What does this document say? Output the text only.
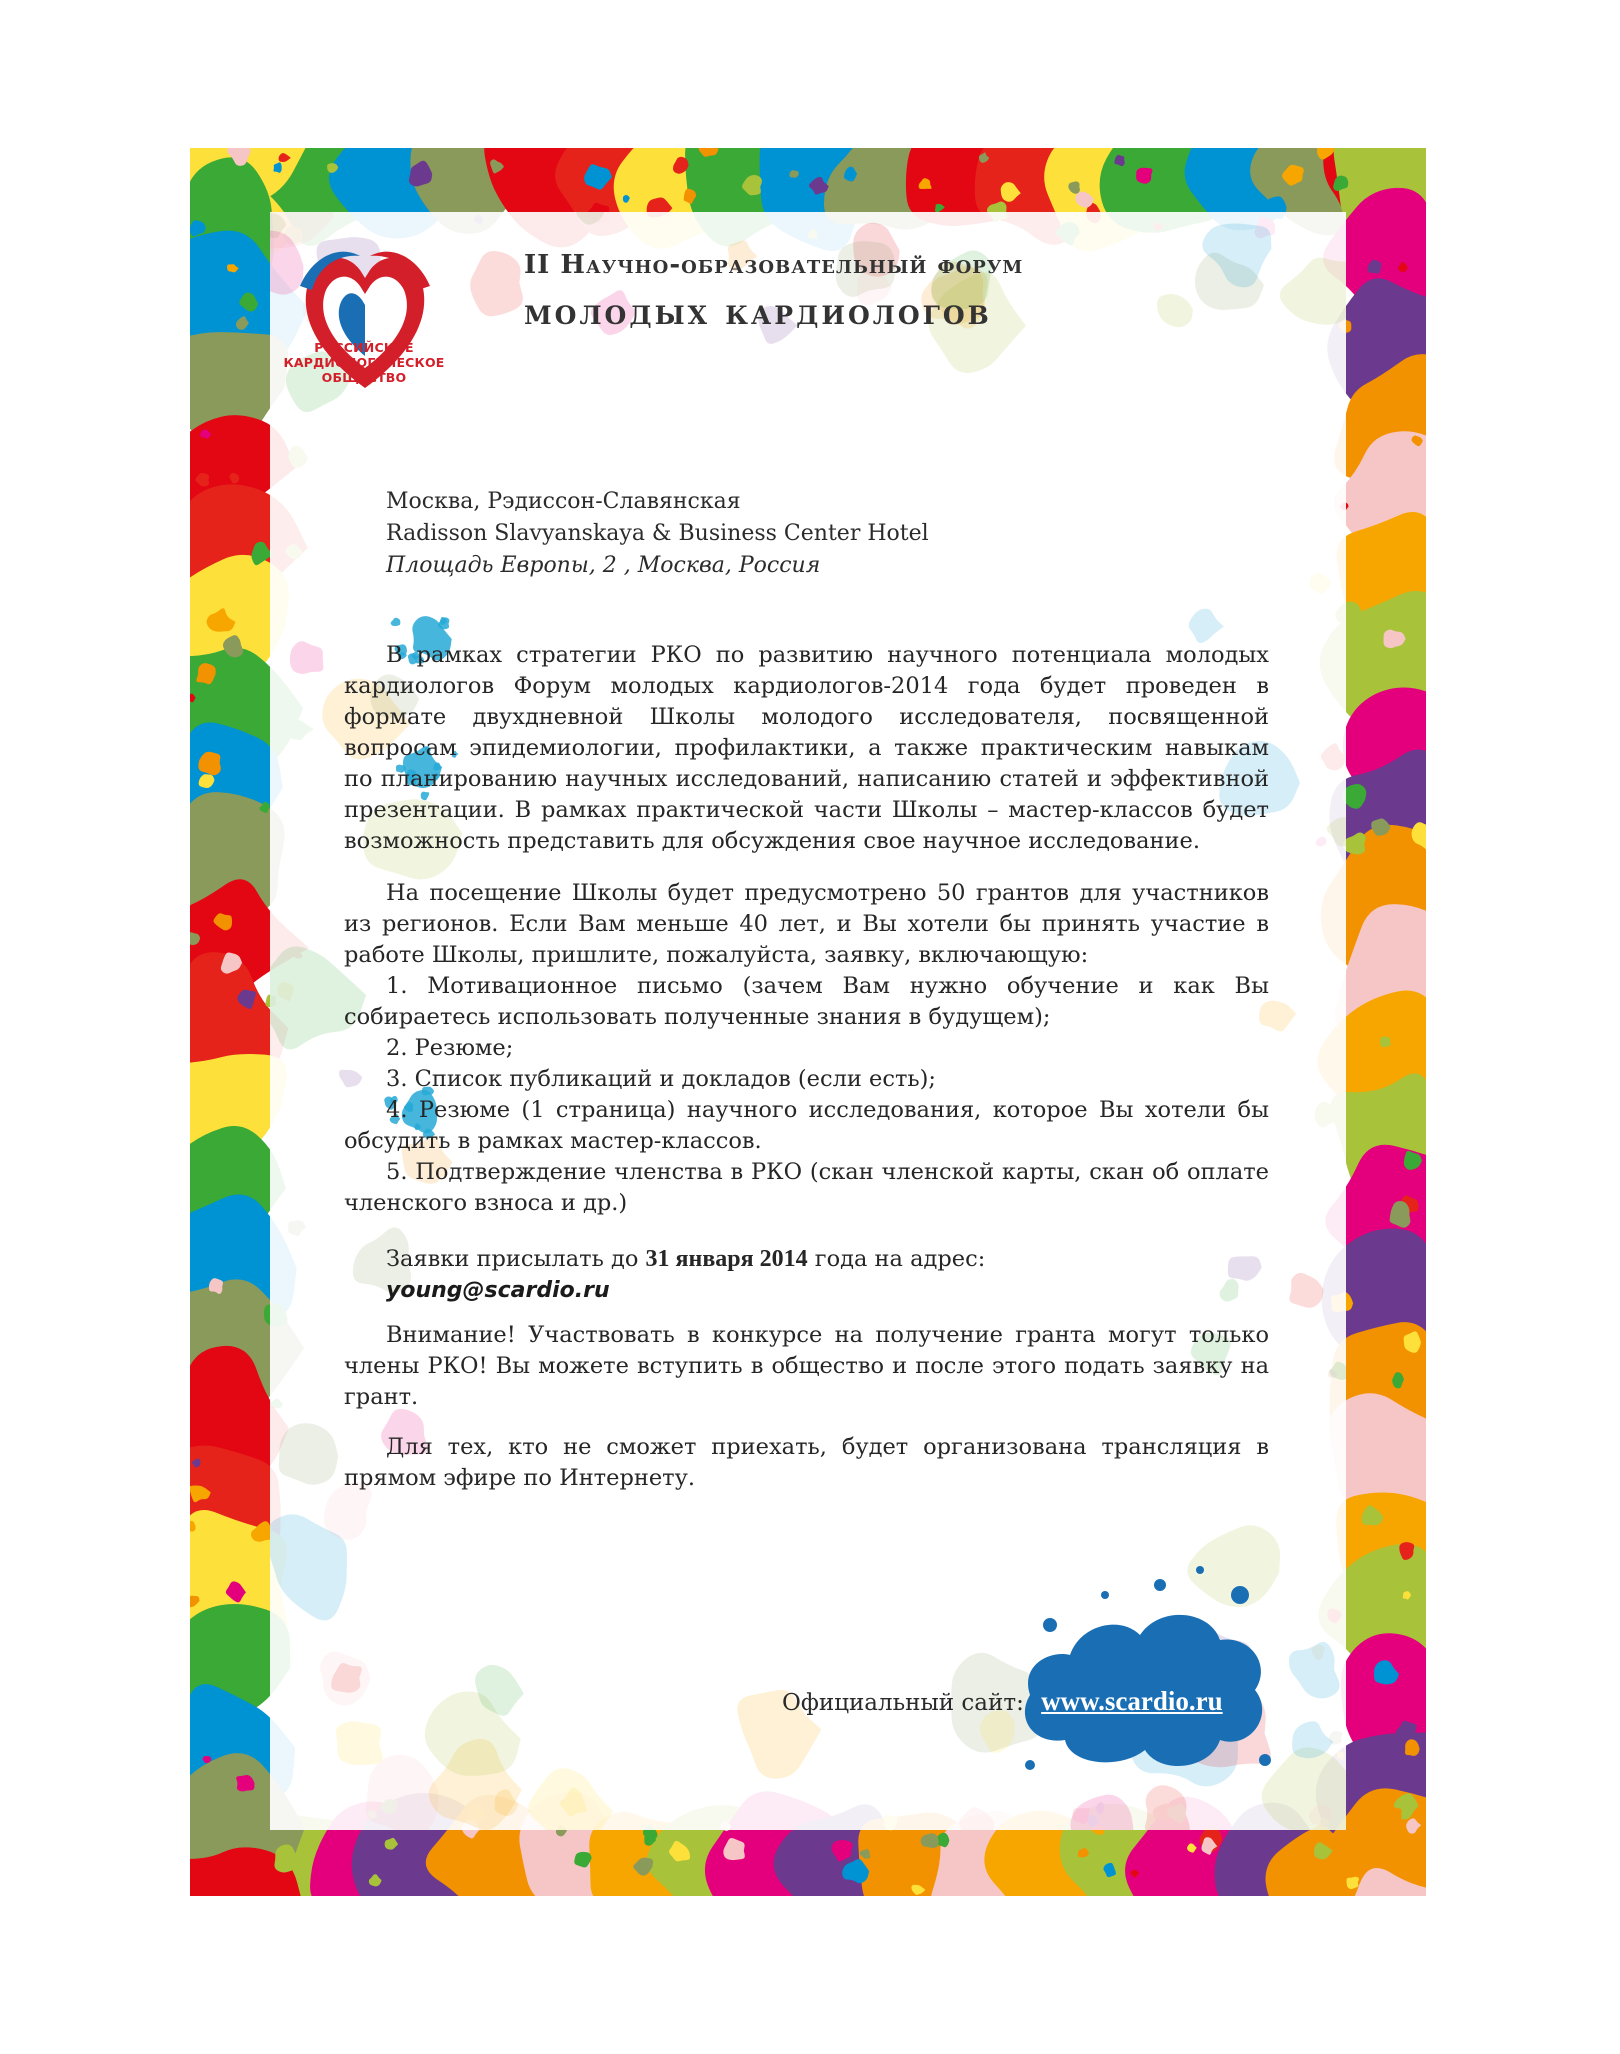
РОССИЙСКОЕ
КАРДИОЛОГИЧЕСКОЕ
ОБЩЕСТВО
II Научно-образовательный форум
молодых кардиологов
Москва, Рэдиссон-Славянская
Radisson Slavyanskaya & Business Center Hotel
Площадь Европы, 2 , Москва, Россия

В рамках стратегии РКО по развитию научного потенциала молодых кардиологов Форум молодых кардиологов-2014 года будет проведен в формате двухдневной Школы молодого исследователя, посвященной вопросам эпидемиологии, профилактики, а также практическим навыкам по планированию научных исследований, написанию статей и эффективной презентации. В рамках практической части Школы – мастер-классов будет возможность представить для обсуждения свое научное исследование.

На посещение Школы будет предусмотрено 50 грантов для участников из регионов. Если Вам меньше 40 лет, и Вы хотели бы принять участие в работе Школы, пришлите, пожалуйста, заявку, включающую:

1. Мотивационное письмо (зачем Вам нужно обучение и как Вы собираетесь использовать полученные знания в будущем);

2. Резюме;

3. Список публикаций и докладов (если есть);

4. Резюме (1 страница) научного исследования, которое Вы хотели бы обсудить в рамках мастер-классов.

5. Подтверждение членства в РКО (скан членской карты, скан об оплате членского взноса и др.)

Заявки присылать до 31 января 2014 года на адрес:

young@scardio.ru

Внимание! Участвовать в конкурсе на получение гранта могут только члены РКО! Вы можете вступить в общество и после этого подать заявку на грант.

Для тех, кто не сможет приехать, будет организована трансляция в прямом эфире по Интернету.

Официальный сайт: www.scardio.ru
